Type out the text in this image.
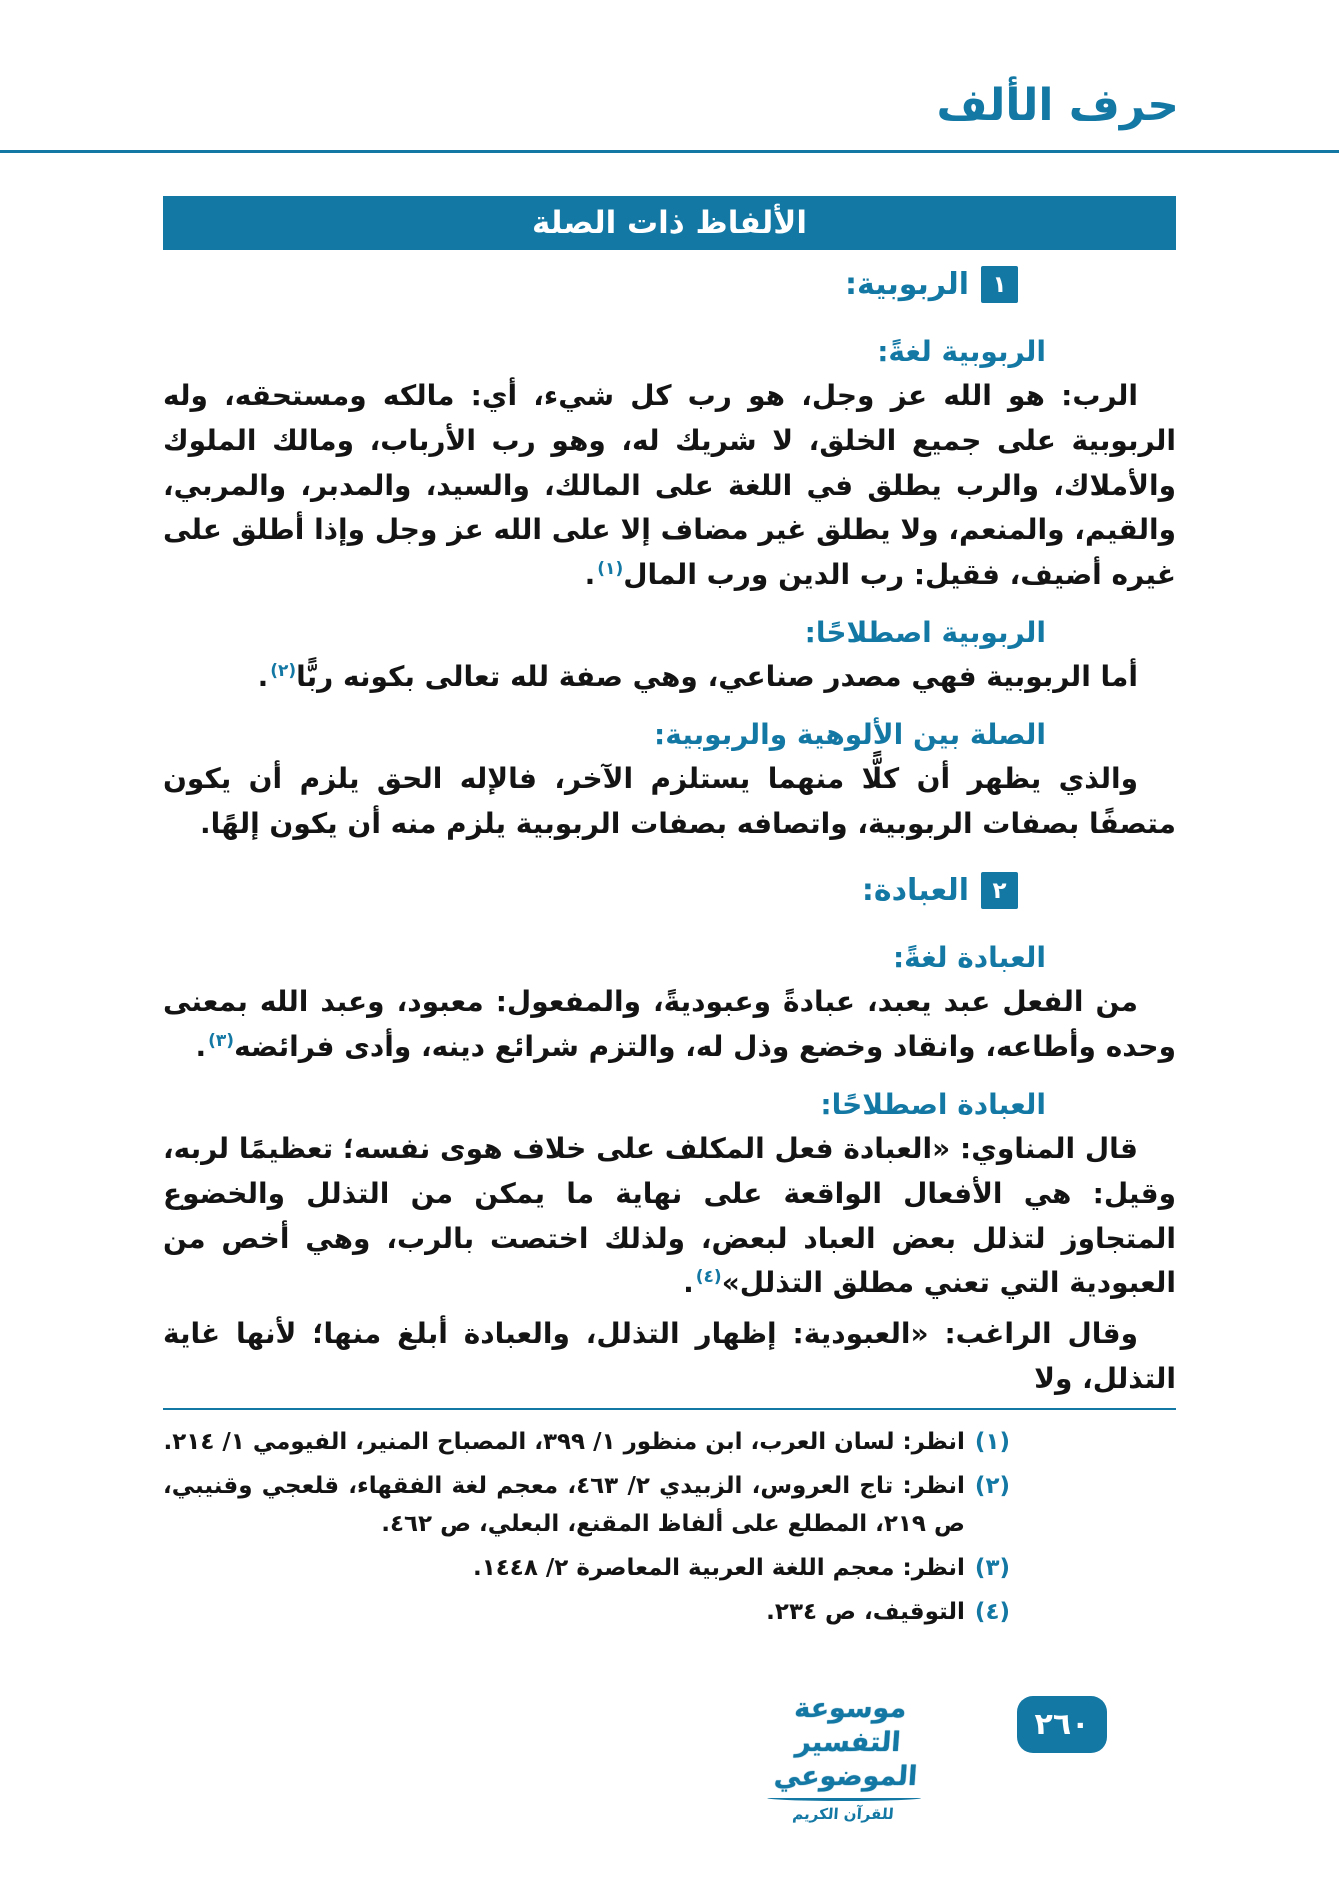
حرف الألف
الألفاظ ذات الصلة
١
الربوبية:
الربوبية لغةً:

الرب: هو الله عز وجل، هو رب كل شيء، أي: مالكه ومستحقه، وله الربوبية على جميع الخلق، لا شريك له، وهو رب الأرباب، ومالك الملوك والأملاك، والرب يطلق في اللغة على المالك، والسيد، والمدبر، والمربي، والقيم، والمنعم، ولا يطلق غير مضاف إلا على الله عز وجل وإذا أطلق على غيره أضيف، فقيل: رب الدين ورب المال$^{(١)}$.

الربوبية اصطلاحًا:

أما الربوبية فهي مصدر صناعي، وهي صفة لله تعالى بكونه ربًّا$^{(٢)}$.

الصلة بين الألوهية والربوبية:

والذي يظهر أن كلًّا منهما يستلزم الآخر، فالإله الحق يلزم أن يكون متصفًا بصفات الربوبية، واتصافه بصفات الربوبية يلزم منه أن يكون إلهًا.

٢
العبادة:
العبادة لغةً:

من الفعل عبد يعبد، عبادةً وعبوديةً، والمفعول: معبود، وعبد الله بمعنى وحده وأطاعه، وانقاد وخضع وذل له، والتزم شرائع دينه، وأدى فرائضه$^{(٣)}$.

العبادة اصطلاحًا:

قال المناوي: «العبادة فعل المكلف على خلاف هوى نفسه؛ تعظيمًا لربه، وقيل: هي الأفعال الواقعة على نهاية ما يمكن من التذلل والخضوع المتجاوز لتذلل بعض العباد لبعض، ولذلك اختصت بالرب، وهي أخص من العبودية التي تعني مطلق التذلل»$^{(٤)}$.

وقال الراغب: «العبودية: إظهار التذلل، والعبادة أبلغ منها؛ لأنها غاية التذلل، ولا

(١)
انظر: لسان العرب، ابن منظور ١/ ٣٩٩، المصباح المنير، الفيومي ١/ ٢١٤.
(٢)
انظر: تاج العروس، الزبيدي ٢/ ٤٦٣، معجم لغة الفقهاء، قلعجي وقنيبي، ص ٢١٩، المطلع على ألفاظ المقنع، البعلي، ص ٤٦٢.
(٣)
انظر: معجم اللغة العربية المعاصرة ٢/ ١٤٤٨.
(٤)
التوقيف، ص ٢٣٤.
موسوعة التفسير الموضوعي
للقرآن الكريم
٢٦٠
